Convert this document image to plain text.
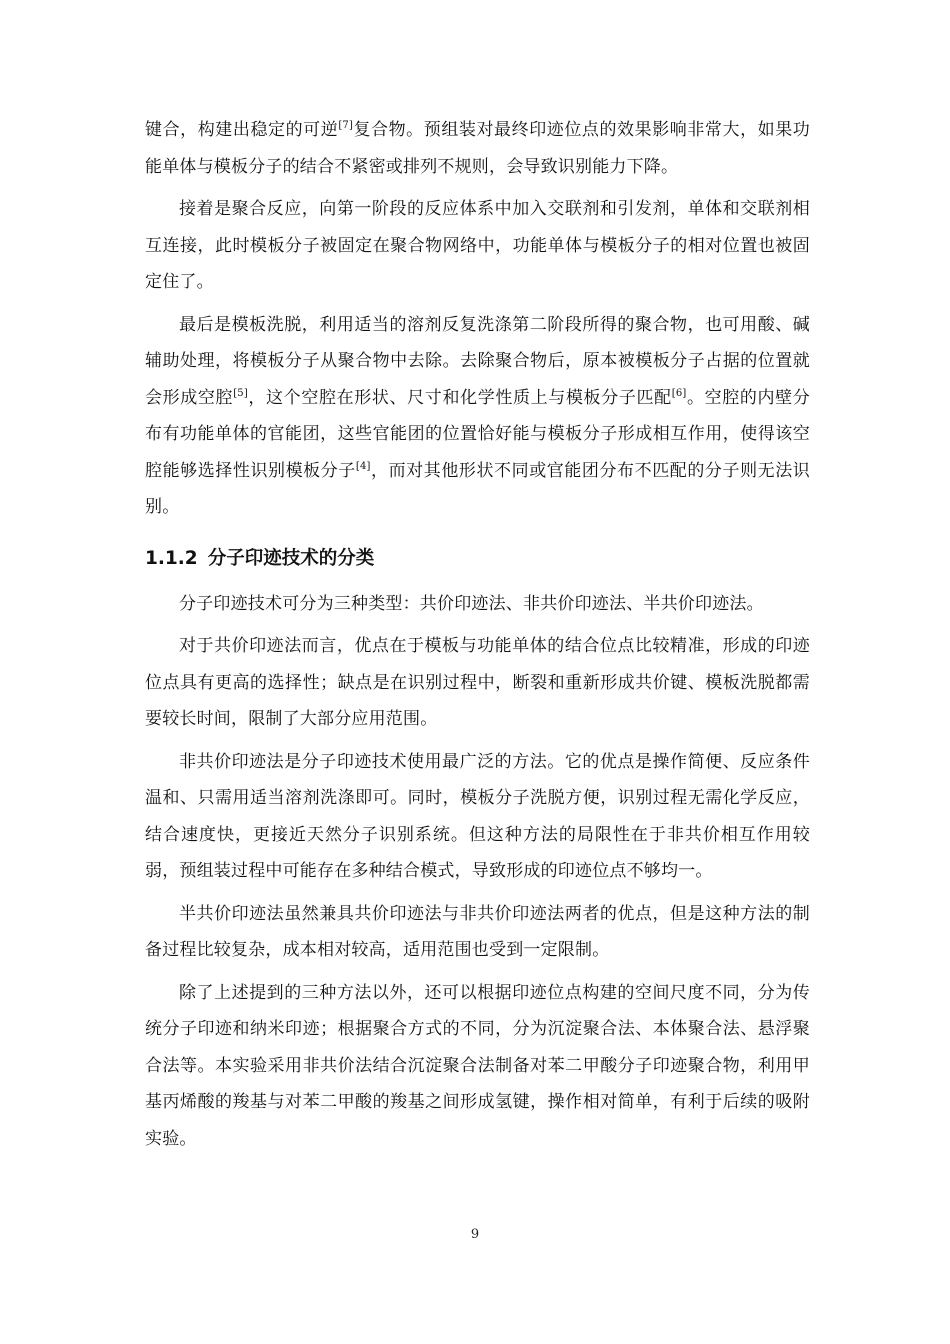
键合，构建出稳定的可逆[7]复合物。预组装对最终印迹位点的效果影响非常大，如果功能单体与模板分子的结合不紧密或排列不规则，会导致识别能力下降。

接着是聚合反应，向第一阶段的反应体系中加入交联剂和引发剂，单体和交联剂相互连接，此时模板分子被固定在聚合物网络中，功能单体与模板分子的相对位置也被固定住了。

最后是模板洗脱，利用适当的溶剂反复洗涤第二阶段所得的聚合物，也可用酸、碱辅助处理，将模板分子从聚合物中去除。去除聚合物后，原本被模板分子占据的位置就会形成空腔[5]，这个空腔在形状、尺寸和化学性质上与模板分子匹配[6]。空腔的内壁分布有功能单体的官能团，这些官能团的位置恰好能与模板分子形成相互作用，使得该空腔能够选择性识别模板分子[4]，而对其他形状不同或官能团分布不匹配的分子则无法识别。

1.1.2 分子印迹技术的分类

分子印迹技术可分为三种类型：共价印迹法、非共价印迹法、半共价印迹法。

对于共价印迹法而言，优点在于模板与功能单体的结合位点比较精准，形成的印迹位点具有更高的选择性；缺点是在识别过程中，断裂和重新形成共价键、模板洗脱都需要较长时间，限制了大部分应用范围。

非共价印迹法是分子印迹技术使用最广泛的方法。它的优点是操作简便、反应条件温和、只需用适当溶剂洗涤即可。同时，模板分子洗脱方便，识别过程无需化学反应，结合速度快，更接近天然分子识别系统。但这种方法的局限性在于非共价相互作用较弱，预组装过程中可能存在多种结合模式，导致形成的印迹位点不够均一。

半共价印迹法虽然兼具共价印迹法与非共价印迹法两者的优点，但是这种方法的制备过程比较复杂，成本相对较高，适用范围也受到一定限制。

除了上述提到的三种方法以外，还可以根据印迹位点构建的空间尺度不同，分为传统分子印迹和纳米印迹；根据聚合方式的不同，分为沉淀聚合法、本体聚合法、悬浮聚合法等。本实验采用非共价法结合沉淀聚合法制备对苯二甲酸分子印迹聚合物，利用甲基丙烯酸的羧基与对苯二甲酸的羧基之间形成氢键，操作相对简单，有利于后续的吸附实验。

9
